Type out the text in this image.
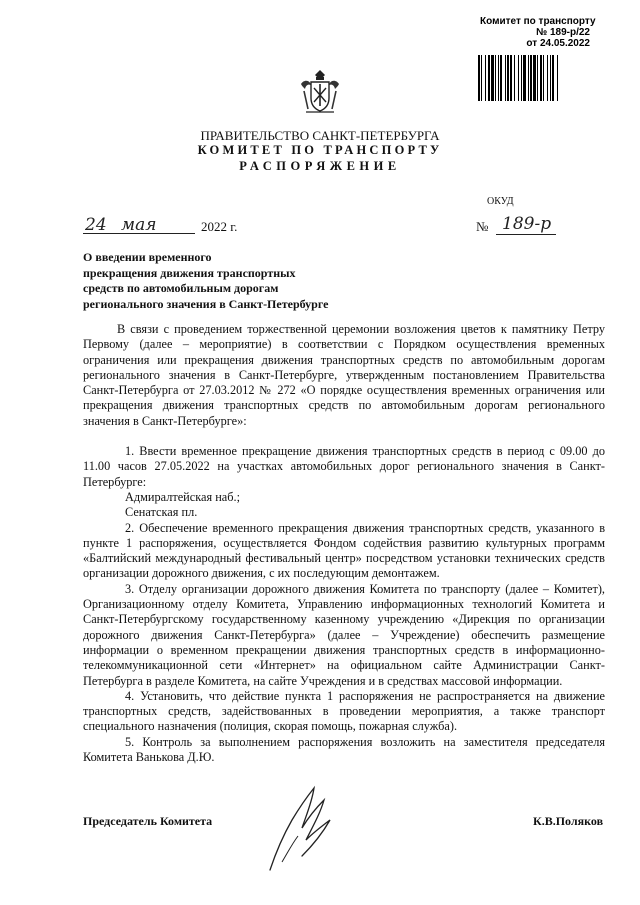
Комитет по транспорту
№ 189-р/22
от 24.05.2022
ПРАВИТЕЛЬСТВО САНКТ-ПЕТЕРБУРГА
КОМИТЕТ ПО ТРАНСПОРТУ
РАСПОРЯЖЕНИЕ
ОКУД
24 мая	2022 г.	№ 189-р
О введении временного
прекращения движения транспортных
средств по автомобильным дорогам
регионального значения в Санкт-Петербурге

В связи с проведением торжественной церемонии возложения цветов к памятнику Петру Первому (далее – мероприятие) в соответствии с Порядком осуществления временных ограничения или прекращения движения транспортных средств по автомобильным дорогам регионального значения в Санкт-Петербурге, утвержденным постановлением Правительства Санкт-Петербурга от 27.03.2012 № 272 «О порядке осуществления временных ограничения или прекращения движения транспортных средств по автомобильным дорогам регионального значения в Санкт-Петербурге»:

1. Ввести временное прекращение движения транспортных средств в период с 09.00 до 11.00 часов 27.05.2022 на участках автомобильных дорог регионального значения в Санкт-Петербурге:

Адмиралтейская наб.;

Сенатская пл.

2. Обеспечение временного прекращения движения транспортных средств, указанного в пункте 1 распоряжения, осуществляется Фондом содействия развитию культурных программ «Балтийский международный фестивальный центр» посредством установки технических средств организации дорожного движения, с их последующим демонтажем.

3. Отделу организации дорожного движения Комитета по транспорту (далее – Комитет), Организационному отделу Комитета, Управлению информационных технологий Комитета и Санкт-Петербургскому государственному казенному учреждению «Дирекция по организации дорожного движения Санкт-Петербурга» (далее – Учреждение) обеспечить размещение информации о временном прекращении движения транспортных средств в информационно-телекоммуникационной сети «Интернет» на официальном сайте Администрации Санкт-Петербурга в разделе Комитета, на сайте Учреждения и в средствах массовой информации.

4. Установить, что действие пункта 1 распоряжения не распространяется на движение транспортных средств, задействованных в проведении мероприятия, а также транспорт специального назначения (полиция, скорая помощь, пожарная служба).

5. Контроль за выполнением распоряжения возложить на заместителя председателя Комитета Ванькова Д.Ю.

Председатель Комитета	К.В.Поляков
